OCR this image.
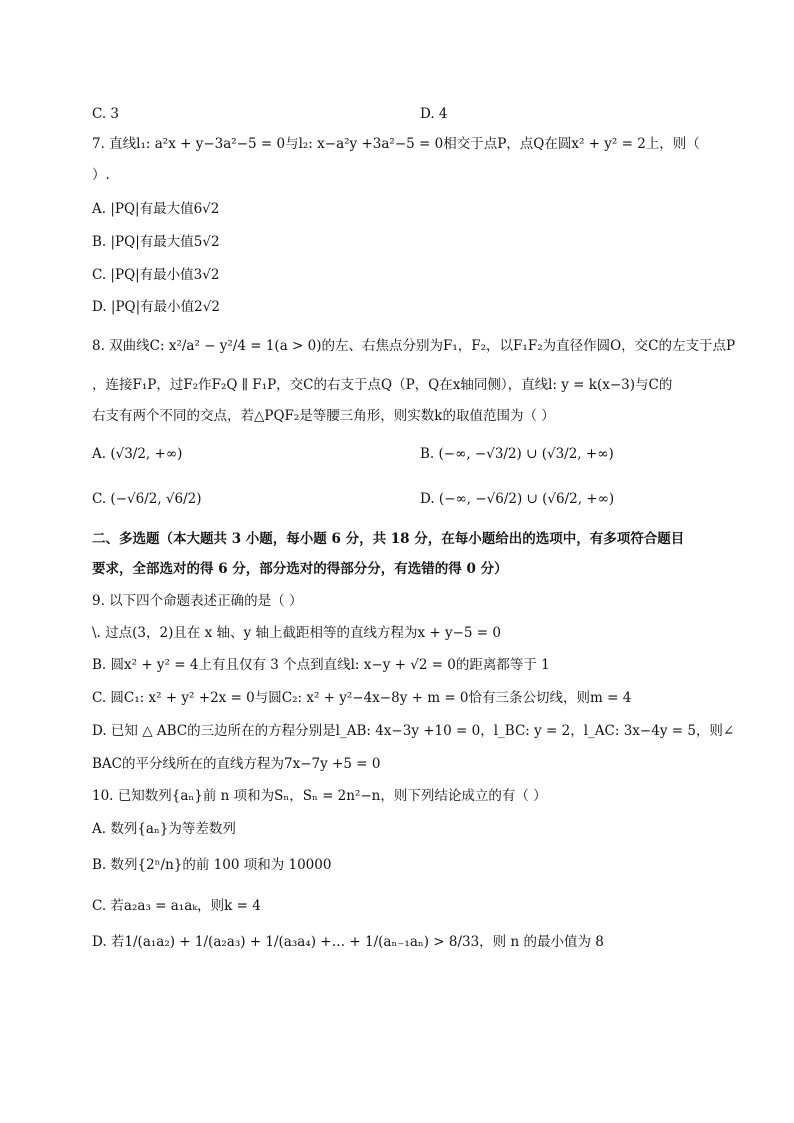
C. 3	D. 4
7. 直线l₁: a²x + y−3a²−5 = 0与l₂: x−a²y +3a²−5 = 0相交于点P，点Q在圆x² + y² = 2上，则（
）.
A. |PQ|有最大值6√2
B. |PQ|有最大值5√2
C. |PQ|有最小值3√2
D. |PQ|有最小值2√2
8. 双曲线C: x²/a² − y²/4 = 1(a > 0)的左、右焦点分别为F₁，F₂，以F₁F₂为直径作圆O，交C的左支于点P
，连接F₁P，过F₂作F₂Q ∥ F₁P，交C的右支于点Q（P，Q在x轴同侧），直线l: y = k(x−3)与C的
右支有两个不同的交点，若△PQF₂是等腰三角形，则实数k的取值范围为（ ）
A. (√3/2, +∞)	B. (−∞, −√3/2) ∪ (√3/2, +∞)
C. (−√6/2, √6/2)	D. (−∞, −√6/2) ∪ (√6/2, +∞)
二、多选题（本大题共 3 小题，每小题 6 分，共 18 分，在每小题给出的选项中，有多项符合题目
要求，全部选对的得 6 分，部分选对的得部分分，有选错的得 0 分）
9. 以下四个命题表述正确的是（ ）
\. 过点(3，2)且在 x 轴、y 轴上截距相等的直线方程为x + y−5 = 0
B. 圆x² + y² = 4上有且仅有 3 个点到直线l: x−y + √2 = 0的距离都等于 1
C. 圆C₁: x² + y² +2x = 0与圆C₂: x² + y²−4x−8y + m = 0恰有三条公切线，则m = 4
D. 已知 △ ABC的三边所在的方程分别是l_AB: 4x−3y +10 = 0，l_BC: y = 2，l_AC: 3x−4y = 5，则∠
BAC的平分线所在的直线方程为7x−7y +5 = 0
10. 已知数列{aₙ}前 n 项和为Sₙ，Sₙ = 2n²−n，则下列结论成立的有（ ）
A. 数列{aₙ}为等差数列
B. 数列{2ⁿ/n}的前 100 项和为 10000
C. 若a₂a₃ = a₁aₖ，则k = 4
D. 若1/(a₁a₂) + 1/(a₂a₃) + 1/(a₃a₄) +… + 1/(aₙ₋₁aₙ) > 8/33，则 n 的最小值为 8
